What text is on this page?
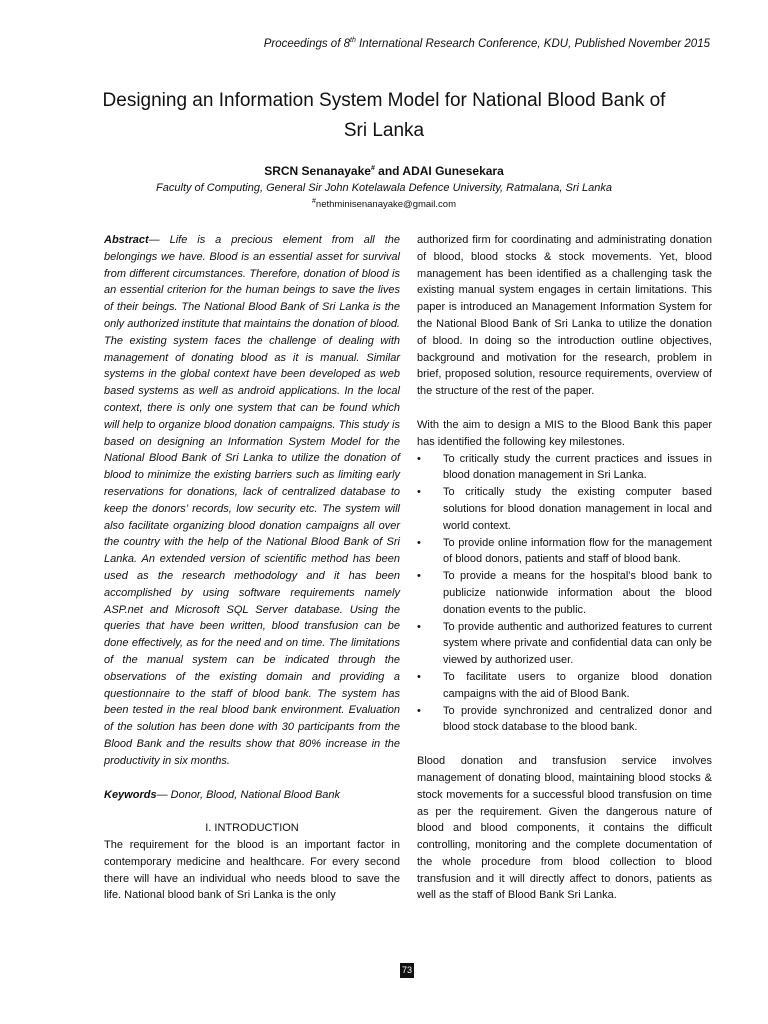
Proceedings of 8th International Research Conference, KDU, Published November 2015
Designing an Information System Model for National Blood Bank of Sri Lanka
SRCN Senanayake# and ADAI Gunesekara
Faculty of Computing, General Sir John Kotelawala Defence University, Ratmalana, Sri Lanka
#nethminisenanayake@gmail.com

Abstract— Life is a precious element from all the belongings we have. Blood is an essential asset for survival from different circumstances. Therefore, donation of blood is an essential criterion for the human beings to save the lives of their beings. The National Blood Bank of Sri Lanka is the only authorized institute that maintains the donation of blood. The existing system faces the challenge of dealing with management of donating blood as it is manual. Similar systems in the global context have been developed as web based systems as well as android applications. In the local context, there is only one system that can be found which will help to organize blood donation campaigns. This study is based on designing an Information System Model for the National Blood Bank of Sri Lanka to utilize the donation of blood to minimize the existing barriers such as limiting early reservations for donations, lack of centralized database to keep the donors’ records, low security etc. The system will also facilitate organizing blood donation campaigns all over the country with the help of the National Blood Bank of Sri Lanka. An extended version of scientific method has been used as the research methodology and it has been accomplished by using software requirements namely ASP.net and Microsoft SQL Server database. Using the queries that have been written, blood transfusion can be done effectively, as for the need and on time. The limitations of the manual system can be indicated through the observations of the existing domain and providing a questionnaire to the staff of blood bank. The system has been tested in the real blood bank environment. Evaluation of the solution has been done with 30 participants from the Blood Bank and the results show that 80% increase in the productivity in six months.

Keywords— Donor, Blood, National Blood Bank

I. INTRODUCTION

The requirement for the blood is an important factor in contemporary medicine and healthcare. For every second there will have an individual who needs blood to save the life. National blood bank of Sri Lanka is the only

authorized firm for coordinating and administrating donation of blood, blood stocks & stock movements. Yet, blood management has been identified as a challenging task the existing manual system engages in certain limitations. This paper is introduced an Management Information System for the National Blood Bank of Sri Lanka to utilize the donation of blood. In doing so the introduction outline objectives, background and motivation for the research, problem in brief, proposed solution, resource requirements, overview of the structure of the rest of the paper.

With the aim to design a MIS to the Blood Bank this paper has identified the following key milestones.

• To critically study the current practices and issues in blood donation management in Sri Lanka.
• To critically study the existing computer based solutions for blood donation management in local and world context.
• To provide online information flow for the management of blood donors, patients and staff of blood bank.
• To provide a means for the hospital's blood bank to publicize nationwide information about the blood donation events to the public.
• To provide authentic and authorized features to current system where private and confidential data can only be viewed by authorized user.
• To facilitate users to organize blood donation campaigns with the aid of Blood Bank.
• To provide synchronized and centralized donor and blood stock database to the blood bank.

Blood donation and transfusion service involves management of donating blood, maintaining blood stocks & stock movements for a successful blood transfusion on time as per the requirement. Given the dangerous nature of blood and blood components, it contains the difficult controlling, monitoring and the complete documentation of the whole procedure from blood collection to blood transfusion and it will directly affect to donors, patients as well as the staff of Blood Bank Sri Lanka.

73
